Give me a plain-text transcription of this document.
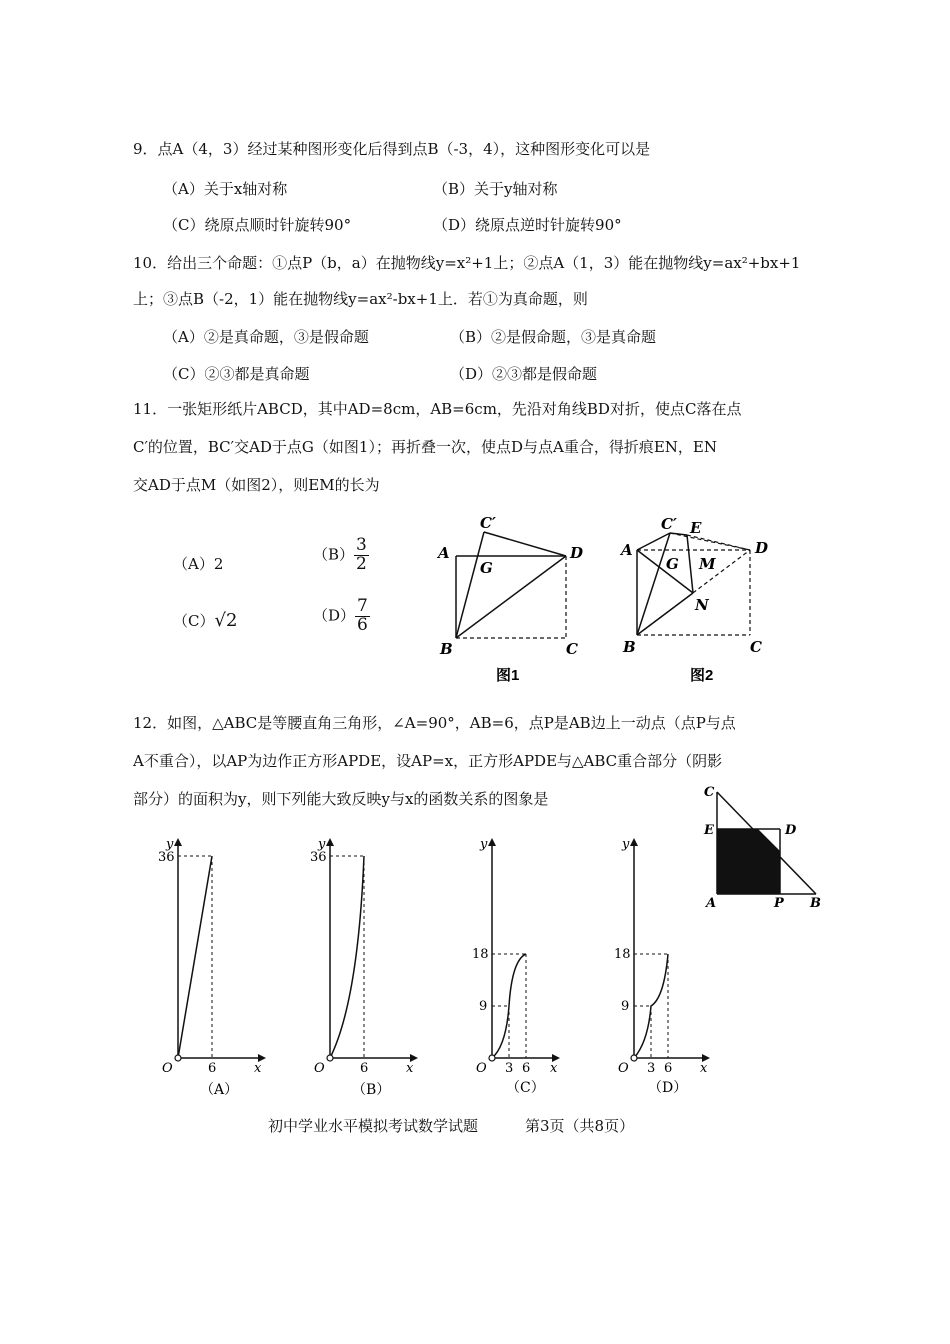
9．点A（4，3）经过某种图形变化后得到点B（-3，4），这种图形变化可以是
（A）关于x轴对称	（B）关于y轴对称
（C）绕原点顺时针旋转90°	（D）绕原点逆时针旋转90°
10．给出三个命题：①点P（b，a）在抛物线y=x²+1上；②点A（1，3）能在抛物线y=ax²+bx+1
上；③点B（-2，1）能在抛物线y=ax²-bx+1上．若①为真命题，则
（A）②是真命题，③是假命题	（B）②是假命题，③是真命题
（C）②③都是真命题	（D）②③都是假命题
11．一张矩形纸片ABCD，其中AD=8cm，AB=6cm，先沿对角线BD对折，使点C落在点
C′的位置，BC′交AD于点G（如图1）；再折叠一次，使点D与点A重合，得折痕EN，EN
交AD于点M（如图2），则EM的长为
（A）2
$(B) \frac{3}{2}$
（C）√2	$(D) \frac{7}{6}$
A	D
B	C
C′
G
图1
A	D
B	C
C′ E
G M
N
图2
12．如图，△ABC是等腰直角三角形，∠A=90°，AB=6，点P是AB边上一动点（点P与点
A不重合），以AP为边作正方形APDE，设AP=x，正方形APDE与△ABC重合部分（阴影
部分）的面积为y，则下列能大致反映y与x的函数关系的图象是	C
E	D
A	P B
y
36
O	6	x
（A）
y
36
O	6	x
（B）
y
18
9
O 3 6 x
（C）
y
18
9
O 3 6 x
（D）
初中学业水平模拟考试数学试题	第3页（共8页）
